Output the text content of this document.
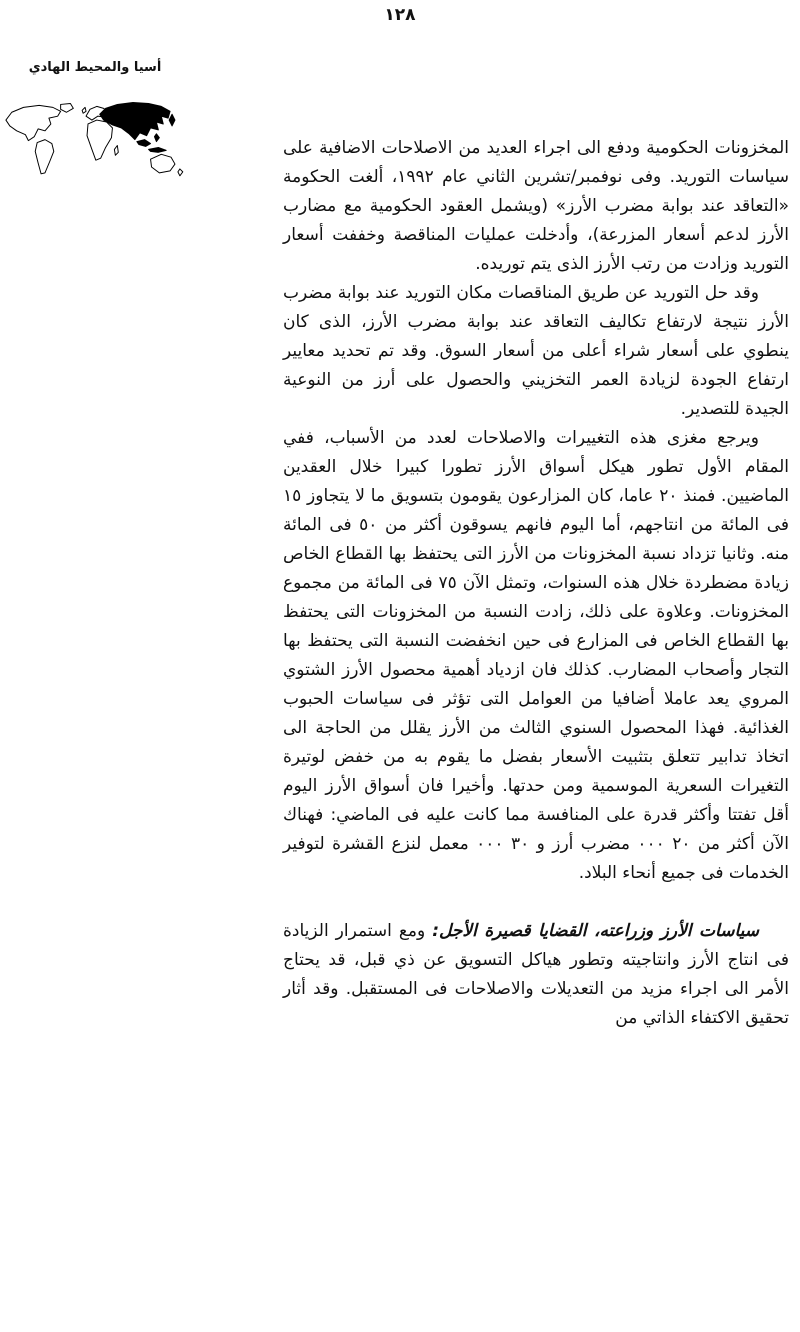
١٢٨
أسيا والمحيط الهادي

المخزونات الحكومية ودفع الى اجراء العديد من الاصلاحات الاضافية على سياسات التوريد. وفى نوفمبر/تشرين الثاني عام ١٩٩٢، ألغت الحكومة «التعاقد عند بوابة مضرب الأرز» (ويشمل العقود الحكومية مع مضارب الأرز لدعم أسعار المزرعة)، وأدخلت عمليات المناقصة وخففت أسعار التوريد وزادت من رتب الأرز الذى يتم توريده.

وقد حل التوريد عن طريق المناقصات مكان التوريد عند بوابة مضرب الأرز نتيجة لارتفاع تكاليف التعاقد عند بوابة مضرب الأرز، الذى كان ينطوي على أسعار شراء أعلى من أسعار السوق. وقد تم تحديد معايير ارتفاع الجودة لزيادة العمر التخزيني والحصول على أرز من النوعية الجيدة للتصدير.

ويرجع مغزى هذه التغييرات والاصلاحات لعدد من الأسباب، ففي المقام الأول تطور هيكل أسواق الأرز تطورا كبيرا خلال العقدين الماضيين. فمنذ ٢٠ عاما، كان المزارعون يقومون بتسويق ما لا يتجاوز ١٥ فى المائة من انتاجهم، أما اليوم فانهم يسوقون أكثر من ٥٠ فى المائة منه. وثانيا تزداد نسبة المخزونات من الأرز التى يحتفظ بها القطاع الخاص زيادة مضطردة خلال هذه السنوات، وتمثل الآن ٧٥ فى المائة من مجموع المخزونات. وعلاوة على ذلك، زادت النسبة من المخزونات التى يحتفظ بها القطاع الخاص فى المزارع فى حين انخفضت النسبة التى يحتفظ بها التجار وأصحاب المضارب. كذلك فان ازدياد أهمية محصول الأرز الشتوي المروي يعد عاملا أضافيا من العوامل التى تؤثر فى سياسات الحبوب الغذائية. فهذا المحصول السنوي الثالث من الأرز يقلل من الحاجة الى اتخاذ تدابير تتعلق بتثبيت الأسعار بفضل ما يقوم به من خفض لوتيرة التغيرات السعرية الموسمية ومن حدتها. وأخيرا فان أسواق الأرز اليوم أقل تفتتا وأكثر قدرة على المنافسة مما كانت عليه فى الماضي: فهناك الآن أكثر من ٢٠ ٠٠٠ مضرب أرز و ٣٠ ٠٠٠ معمل لنزع القشرة لتوفير الخدمات فى جميع أنحاء البلاد.

سياسات الأرز وزراعته، القضايا قصيرة الأجل: ومع استمرار الزيادة فى انتاج الأرز وانتاجيته وتطور هياكل التسويق عن ذي قبل، قد يحتاج الأمر الى اجراء مزيد من التعديلات والاصلاحات فى المستقبل. وقد أثار تحقيق الاكتفاء الذاتي من
